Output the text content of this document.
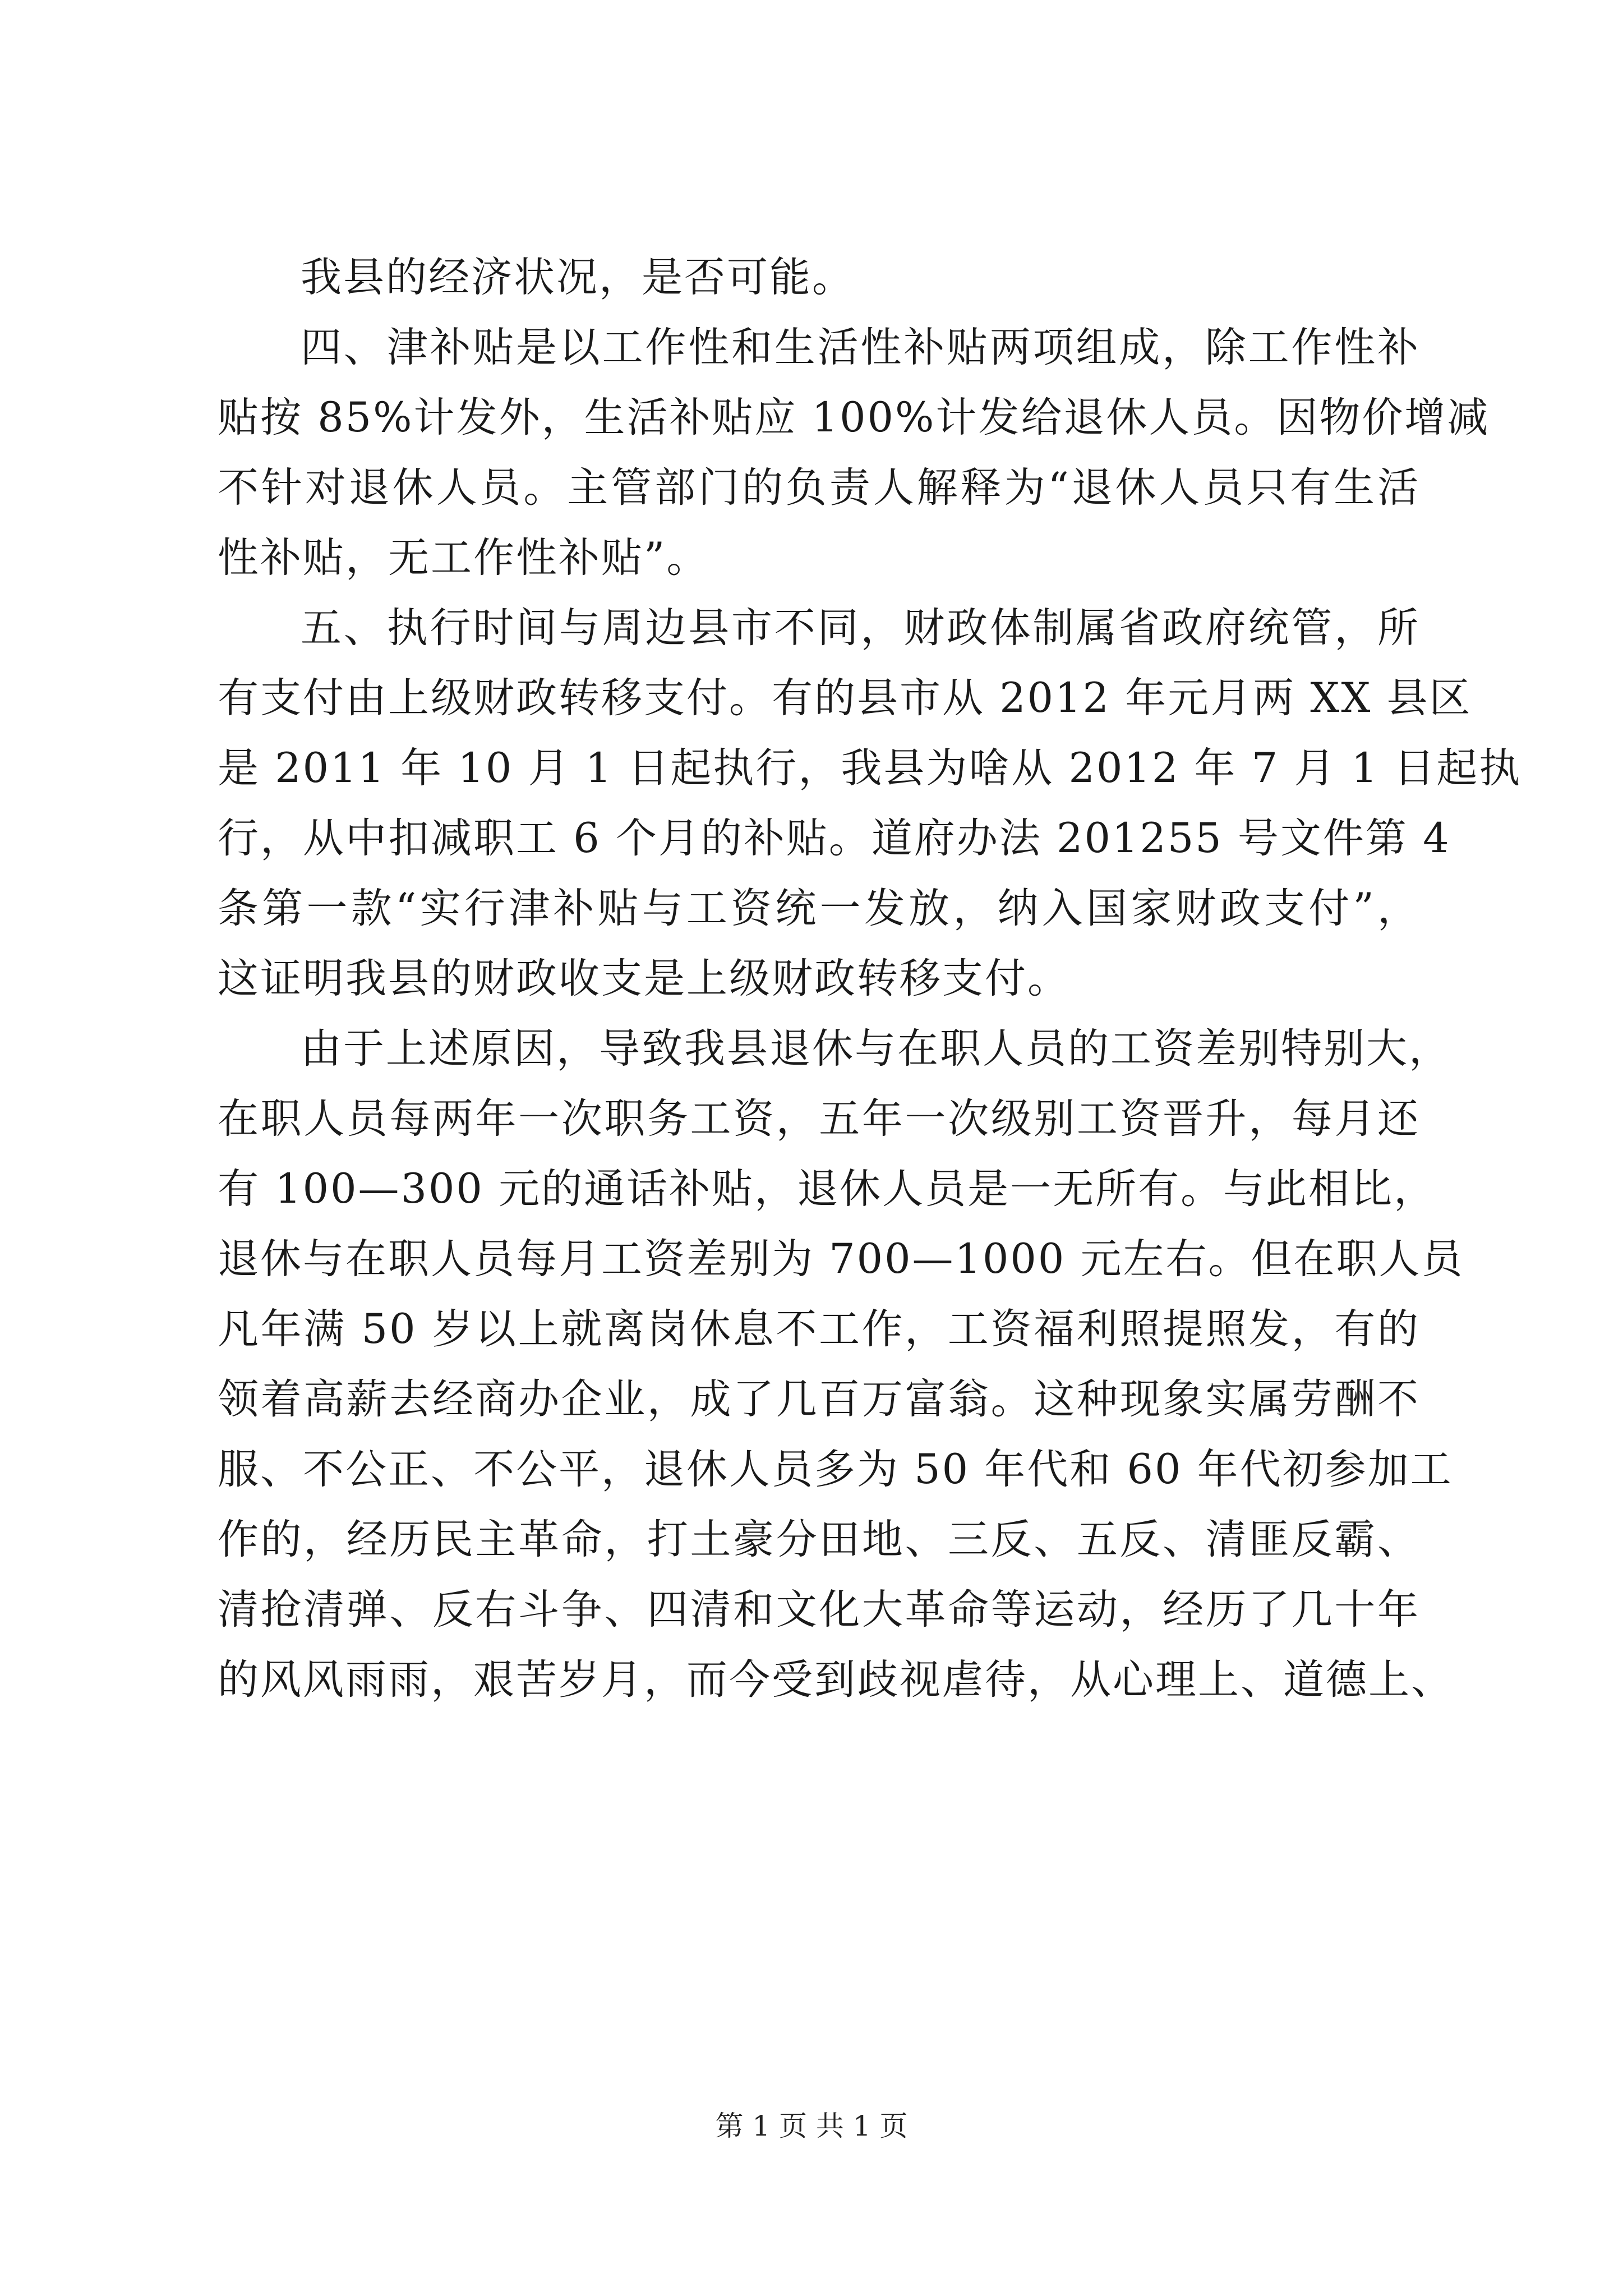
我县的经济状况，是否可能。
四、津补贴是以工作性和生活性补贴两项组成，除工作性补
贴按 85%计发外，生活补贴应 100%计发给退休人员。因物价增减
不针对退休人员。主管部门的负责人解释为“退休人员只有生活
性补贴，无工作性补贴”。
五、执行时间与周边县市不同，财政体制属省政府统管，所
有支付由上级财政转移支付。有的县市从 2012 年元月两 XX 县区
是 2011 年 10 月 1 日起执行，我县为啥从 2012 年 7 月 1 日起执
行，从中扣减职工 6 个月的补贴。道府办法 201255 号文件第 4
条第一款“实行津补贴与工资统一发放，纳入国家财政支付”，
这证明我县的财政收支是上级财政转移支付。
由于上述原因，导致我县退休与在职人员的工资差别特别大，
在职人员每两年一次职务工资，五年一次级别工资晋升，每月还
有 100—300 元的通话补贴，退休人员是一无所有。与此相比，
退休与在职人员每月工资差别为 700—1000 元左右。但在职人员
凡年满 50 岁以上就离岗休息不工作，工资福利照提照发，有的
领着高薪去经商办企业，成了几百万富翁。这种现象实属劳酬不
服、不公正、不公平，退休人员多为 50 年代和 60 年代初参加工
作的，经历民主革命，打土豪分田地、三反、五反、清匪反霸、
清抢清弹、反右斗争、四清和文化大革命等运动，经历了几十年
的风风雨雨，艰苦岁月，而今受到歧视虐待，从心理上、道德上、
第 1 页 共 1 页
